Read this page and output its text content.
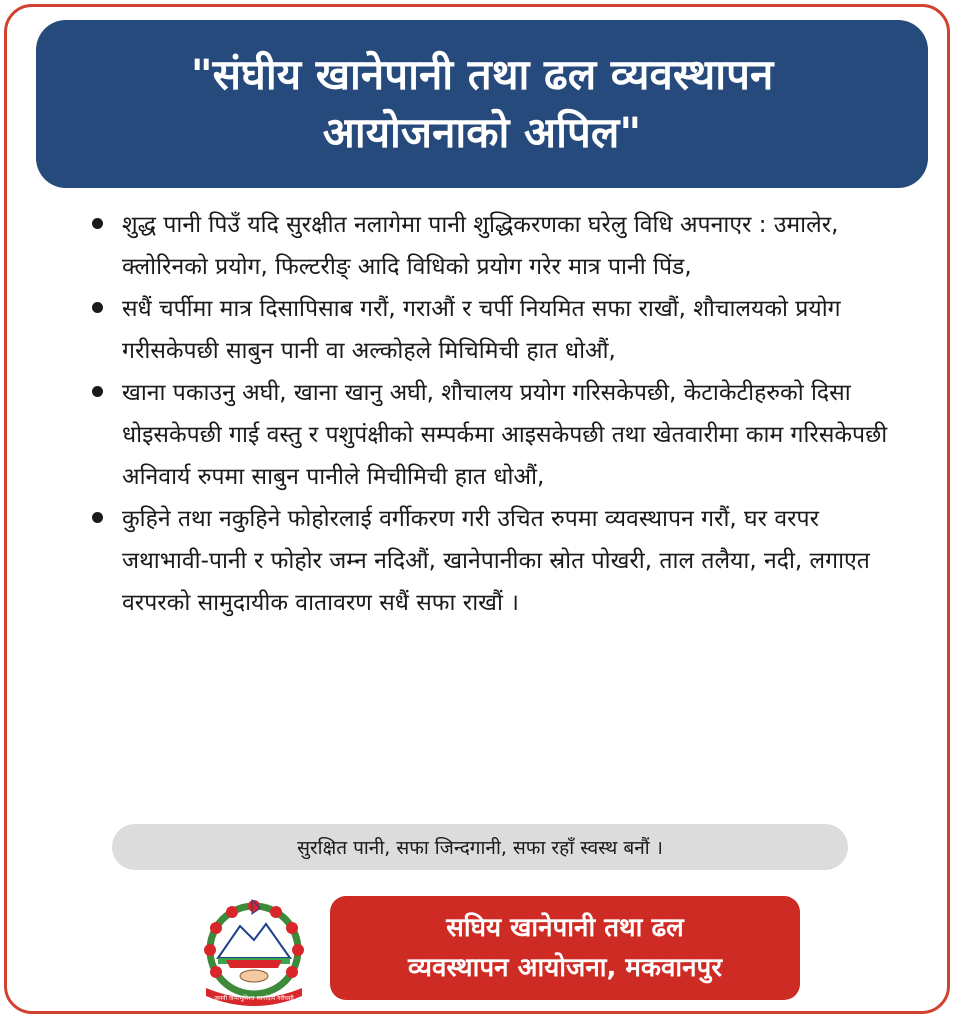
"संघीय खानेपानी तथा ढल व्यवस्थापन
आयोजनाको अपिल"
शुद्ध पानी पिउँ यदि सुरक्षीत नलागेमा पानी शुद्धिकरणका घरेलु विधि अपनाएर : उमालेर, क्लोरिनको प्रयोग, फिल्टरीङ् आदि विधिको प्रयोग गरेर मात्र पानी पिंड,
सधैं चर्पीमा मात्र दिसापिसाब गरौं, गराऔं र चर्पी नियमित सफा राखौं, शौचालयको प्रयोग गरीसकेपछी साबुन पानी वा अल्कोहले मिचिमिची हात धोऔं,
खाना पकाउनु अघी, खाना खानु अघी, शौचालय प्रयोग गरिसकेपछी, केटाकेटीहरुको दिसा धोइसकेपछी गाई वस्तु र पशुपंक्षीको सम्पर्कमा आइसकेपछी तथा खेतवारीमा काम गरिसकेपछी अनिवार्य रुपमा साबुन पानीले मिचीमिची हात धोऔं,
कुहिने तथा नकुहिने फोहोरलाई वर्गीकरण गरी उचित रुपमा व्यवस्थापन गरौं, घर वरपर जथाभावी-पानी र फोहोर जम्न नदिऔं, खानेपानीका स्रोत पोखरी, ताल तलैया, नदी, लगाएत वरपरको सामुदायीक वातावरण सधैं सफा राखौं ।
सुरक्षित पानी, सफा जिन्दगानी, सफा रहाँ स्वस्थ बनौं ।
जननी जन्मभूमिश्च स्वर्गादपि गरीयसी
सघिय खानेपानी तथा ढल
व्यवस्थापन आयोजना, मकवानपुर
